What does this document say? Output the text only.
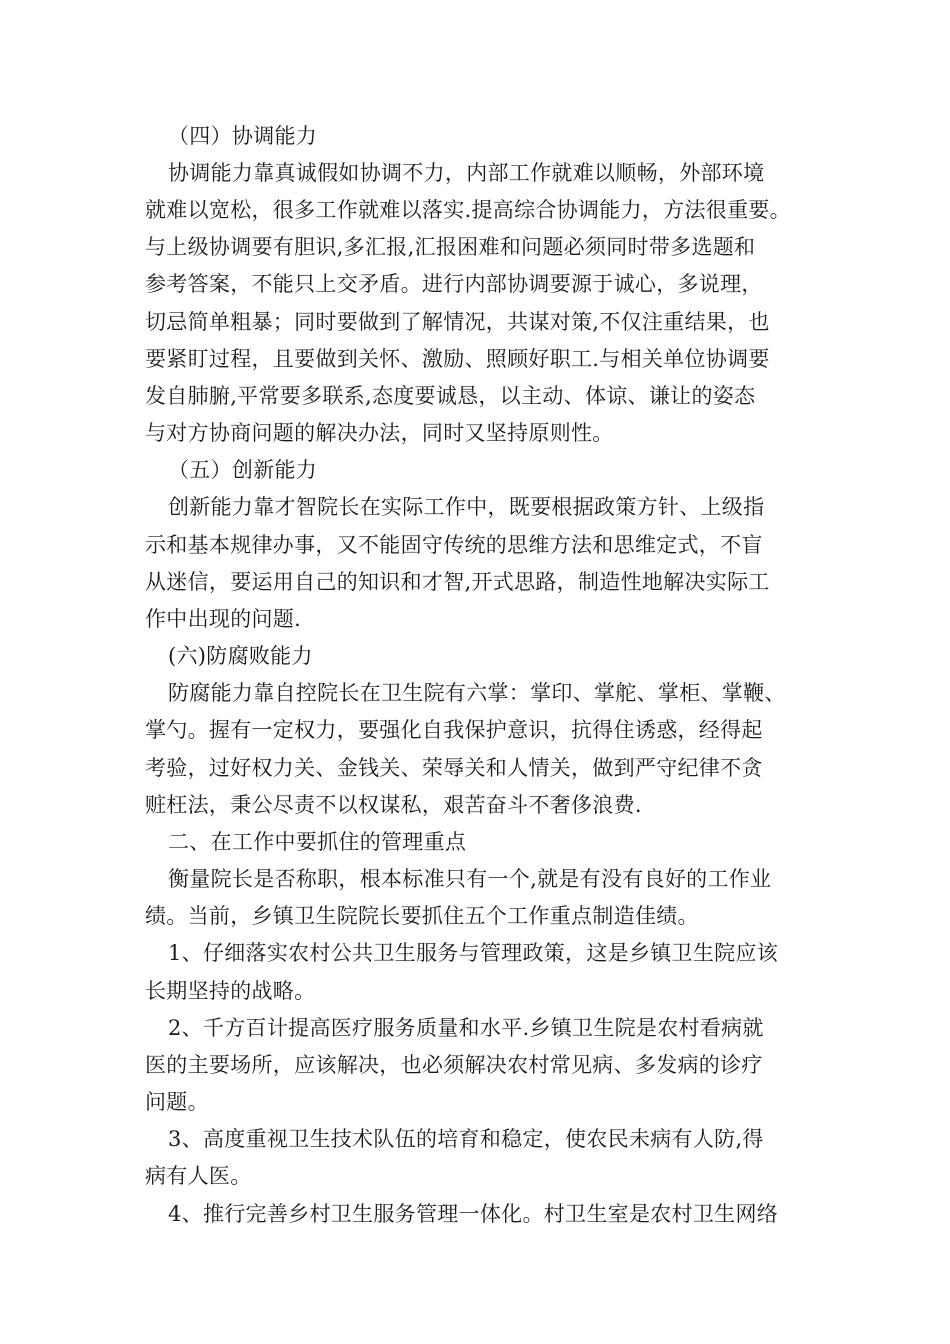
（四）协调能力

协调能力靠真诚假如协调不力，内部工作就难以顺畅，外部环境

就难以宽松，很多工作就难以落实.提高综合协调能力，方法很重要。

与上级协调要有胆识,多汇报,汇报困难和问题必须同时带多选题和

参考答案，不能只上交矛盾。进行内部协调要源于诚心，多说理，

切忌简单粗暴；同时要做到了解情况，共谋对策,不仅注重结果，也

要紧盯过程，且要做到关怀、激励、照顾好职工.与相关单位协调要

发自肺腑,平常要多联系,态度要诚恳，以主动、体谅、谦让的姿态

与对方协商问题的解决办法，同时又坚持原则性。

（五）创新能力

创新能力靠才智院长在实际工作中，既要根据政策方针、上级指

示和基本规律办事，又不能固守传统的思维方法和思维定式，不盲

从迷信，要运用自己的知识和才智,开式思路，制造性地解决实际工

作中出现的问题.

(六)防腐败能力

防腐能力靠自控院长在卫生院有六掌：掌印、掌舵、掌柜、掌鞭、

掌勺。握有一定权力，要强化自我保护意识，抗得住诱惑，经得起

考验，过好权力关、金钱关、荣辱关和人情关，做到严守纪律不贪

赃枉法，秉公尽责不以权谋私，艰苦奋斗不奢侈浪费.

二、在工作中要抓住的管理重点

衡量院长是否称职，根本标准只有一个,就是有没有良好的工作业

绩。当前，乡镇卫生院院长要抓住五个工作重点制造佳绩。

1、仔细落实农村公共卫生服务与管理政策，这是乡镇卫生院应该

长期坚持的战略。

2、千方百计提高医疗服务质量和水平.乡镇卫生院是农村看病就

医的主要场所，应该解决，也必须解决农村常见病、多发病的诊疗

问题。

3、高度重视卫生技术队伍的培育和稳定，使农民未病有人防,得

病有人医。

4、推行完善乡村卫生服务管理一体化。村卫生室是农村卫生网络
